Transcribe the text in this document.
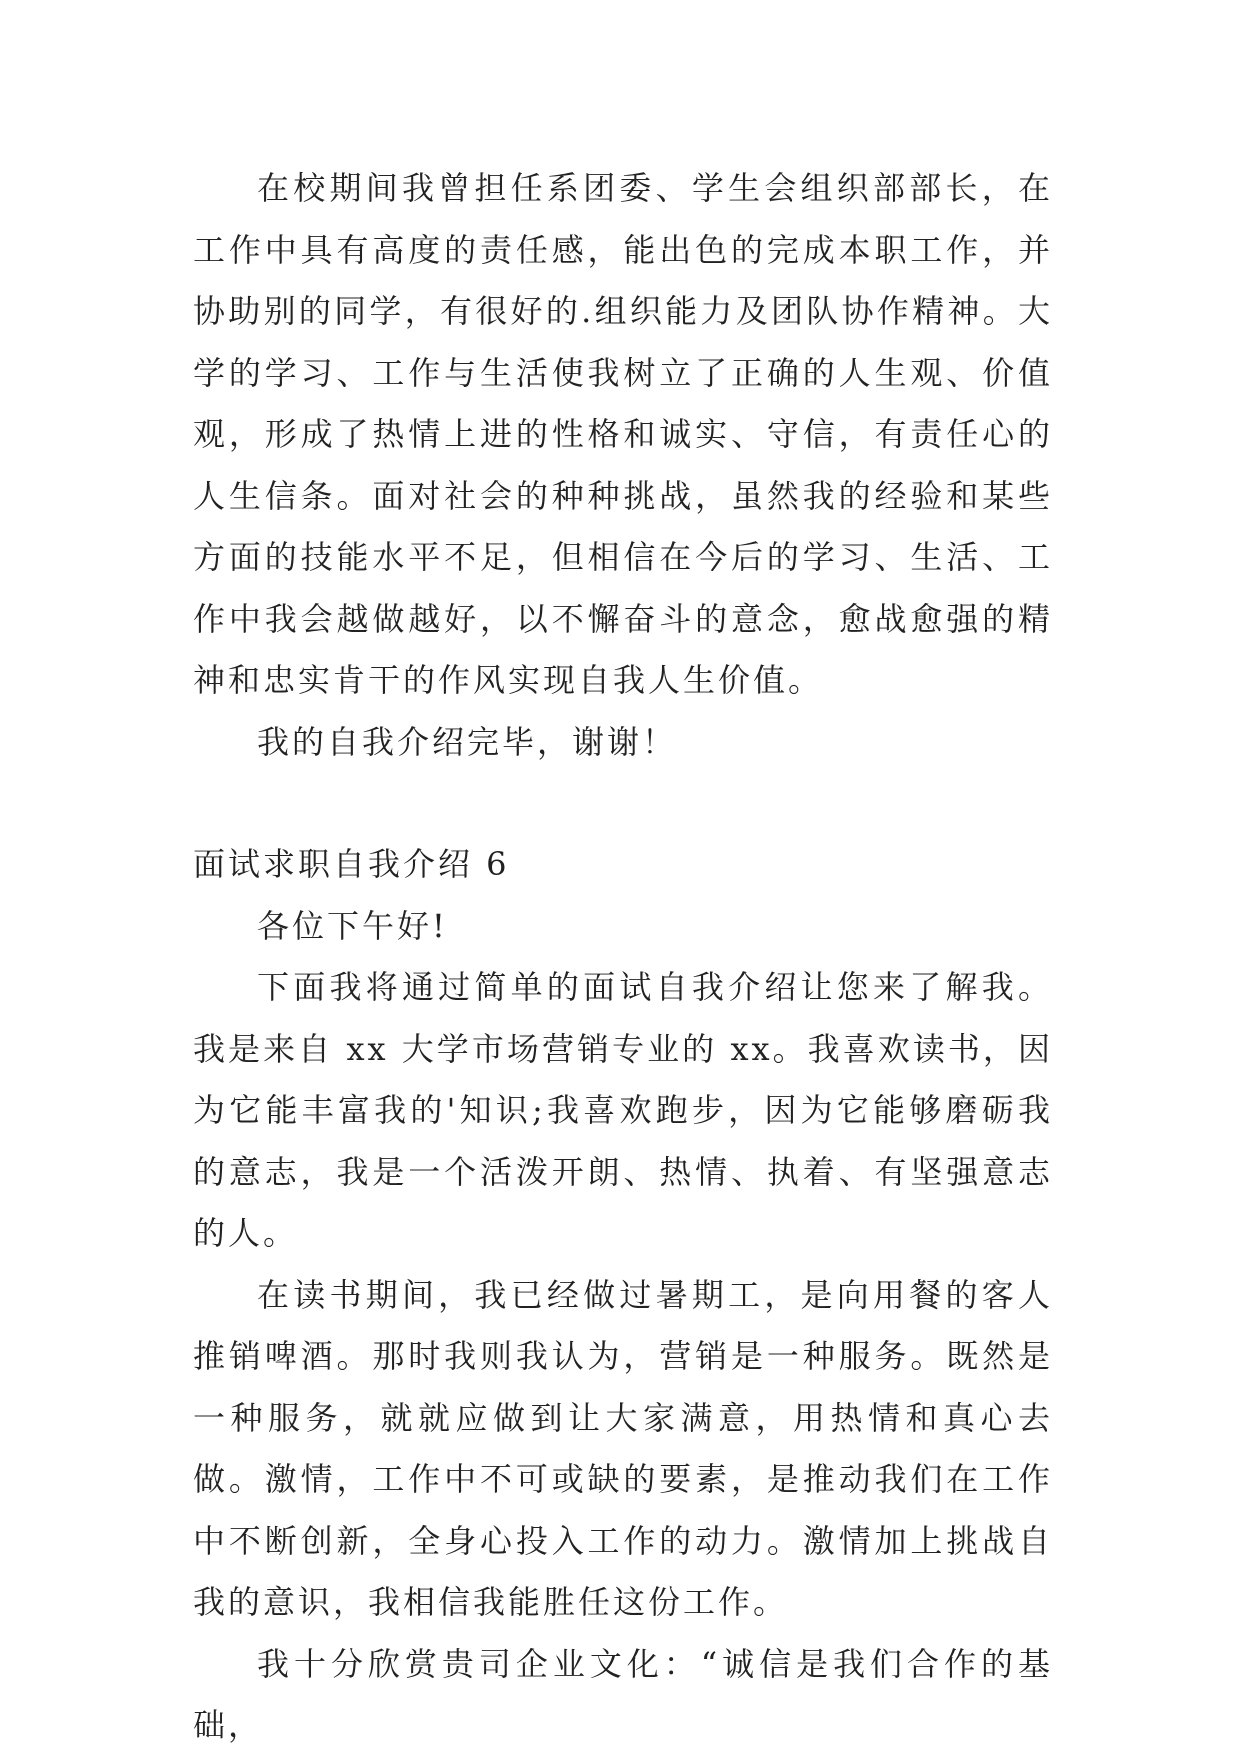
在校期间我曾担任系团委、学生会组织部部长，在工作中具有高度的责任感，能出色的完成本职工作，并协助别的同学，有很好的.组织能力及团队协作精神。大学的学习、工作与生活使我树立了正确的人生观、价值观，形成了热情上进的性格和诚实、守信，有责任心的人生信条。面对社会的种种挑战，虽然我的经验和某些方面的技能水平不足，但相信在今后的学习、生活、工作中我会越做越好，以不懈奋斗的意念，愈战愈强的精神和忠实肯干的作风实现自我人生价值。

我的自我介绍完毕，谢谢！

面试求职自我介绍 6

各位下午好!

下面我将通过简单的面试自我介绍让您来了解我。我是来自 xx 大学市场营销专业的 xx。我喜欢读书，因为它能丰富我的'知识;我喜欢跑步，因为它能够磨砺我的意志，我是一个活泼开朗、热情、执着、有坚强意志的人。

在读书期间，我已经做过暑期工，是向用餐的客人推销啤酒。那时我则我认为，营销是一种服务。既然是一种服务，就就应做到让大家满意，用热情和真心去做。激情，工作中不可或缺的要素，是推动我们在工作中不断创新，全身心投入工作的动力。激情加上挑战自我的意识，我相信我能胜任这份工作。

我十分欣赏贵司企业文化：“诚信是我们合作的基础，
